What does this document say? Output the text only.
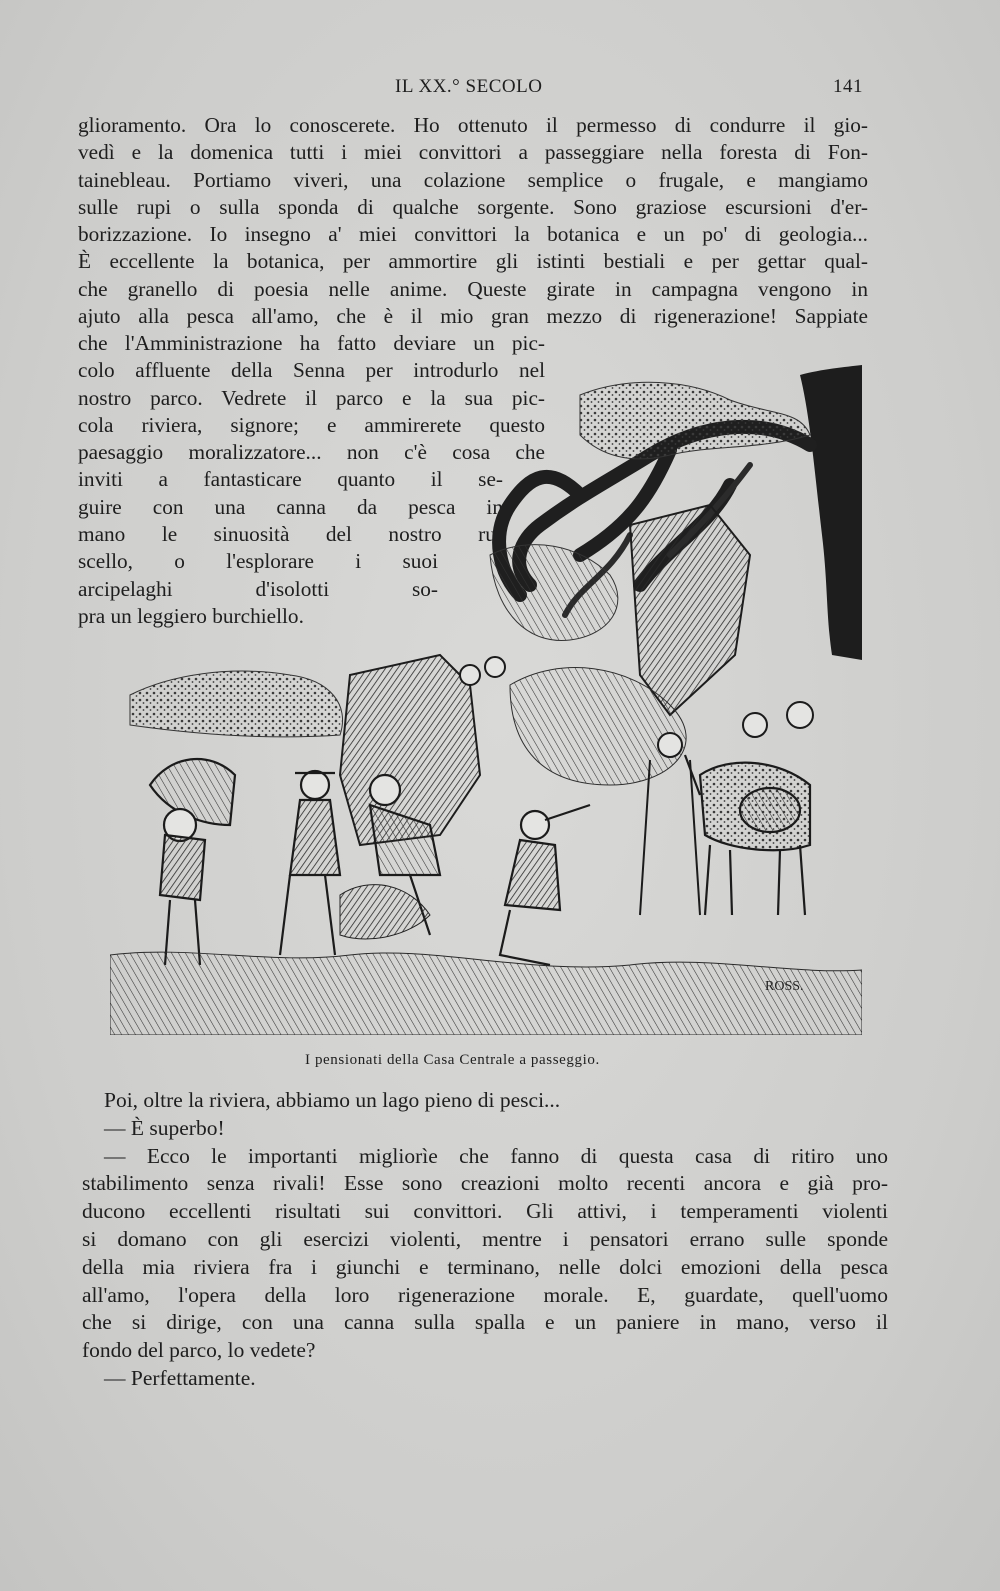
IL XX.° SECOLO	141
glioramento. Ora lo conoscerete. Ho ottenuto il permesso di condurre il gio-
vedì e la domenica tutti i miei convittori a passeggiare nella foresta di Fon-
tainebleau. Portiamo viveri, una colazione semplice o frugale, e mangiamo
sulle rupi o sulla sponda di qualche sorgente. Sono graziose escursioni d'er-
borizzazione. Io insegno a' miei convittori la botanica e un po' di geologia...
È eccellente la botanica, per ammortire gli istinti bestiali e per gettar qual-
che granello di poesia nelle anime. Queste girate in campagna vengono in
ajuto alla pesca all'amo, che è il mio gran mezzo di rigenerazione! Sappiate
che l'Amministrazione ha fatto deviare un pic-
colo affluente della Senna per introdurlo nel
nostro parco. Vedrete il parco e la sua pic-
cola riviera, signore; e ammirerete questo
paesaggio moralizzatore... non c'è cosa che
inviti a fantasticare quanto il se-
guire con una canna da pesca in
mano le sinuosità del nostro ru-
scello, o l'esplorare i suoi
arcipelaghi d'isolotti so-
pra un leggiero burchiello.
ROSS.
I pensionati della Casa Centrale a passeggio.
Poi, oltre la riviera, abbiamo un lago pieno di pesci...
— È superbo!
— Ecco le importanti migliorìe che fanno di questa casa di ritiro uno
stabilimento senza rivali! Esse sono creazioni molto recenti ancora e già pro-
ducono eccellenti risultati sui convittori. Gli attivi, i temperamenti violenti
si domano con gli esercizi violenti, mentre i pensatori errano sulle sponde
della mia riviera fra i giunchi e terminano, nelle dolci emozioni della pesca
all'amo, l'opera della loro rigenerazione morale. E, guardate, quell'uomo
che si dirige, con una canna sulla spalla e un paniere in mano, verso il
fondo del parco, lo vedete?
— Perfettamente.
